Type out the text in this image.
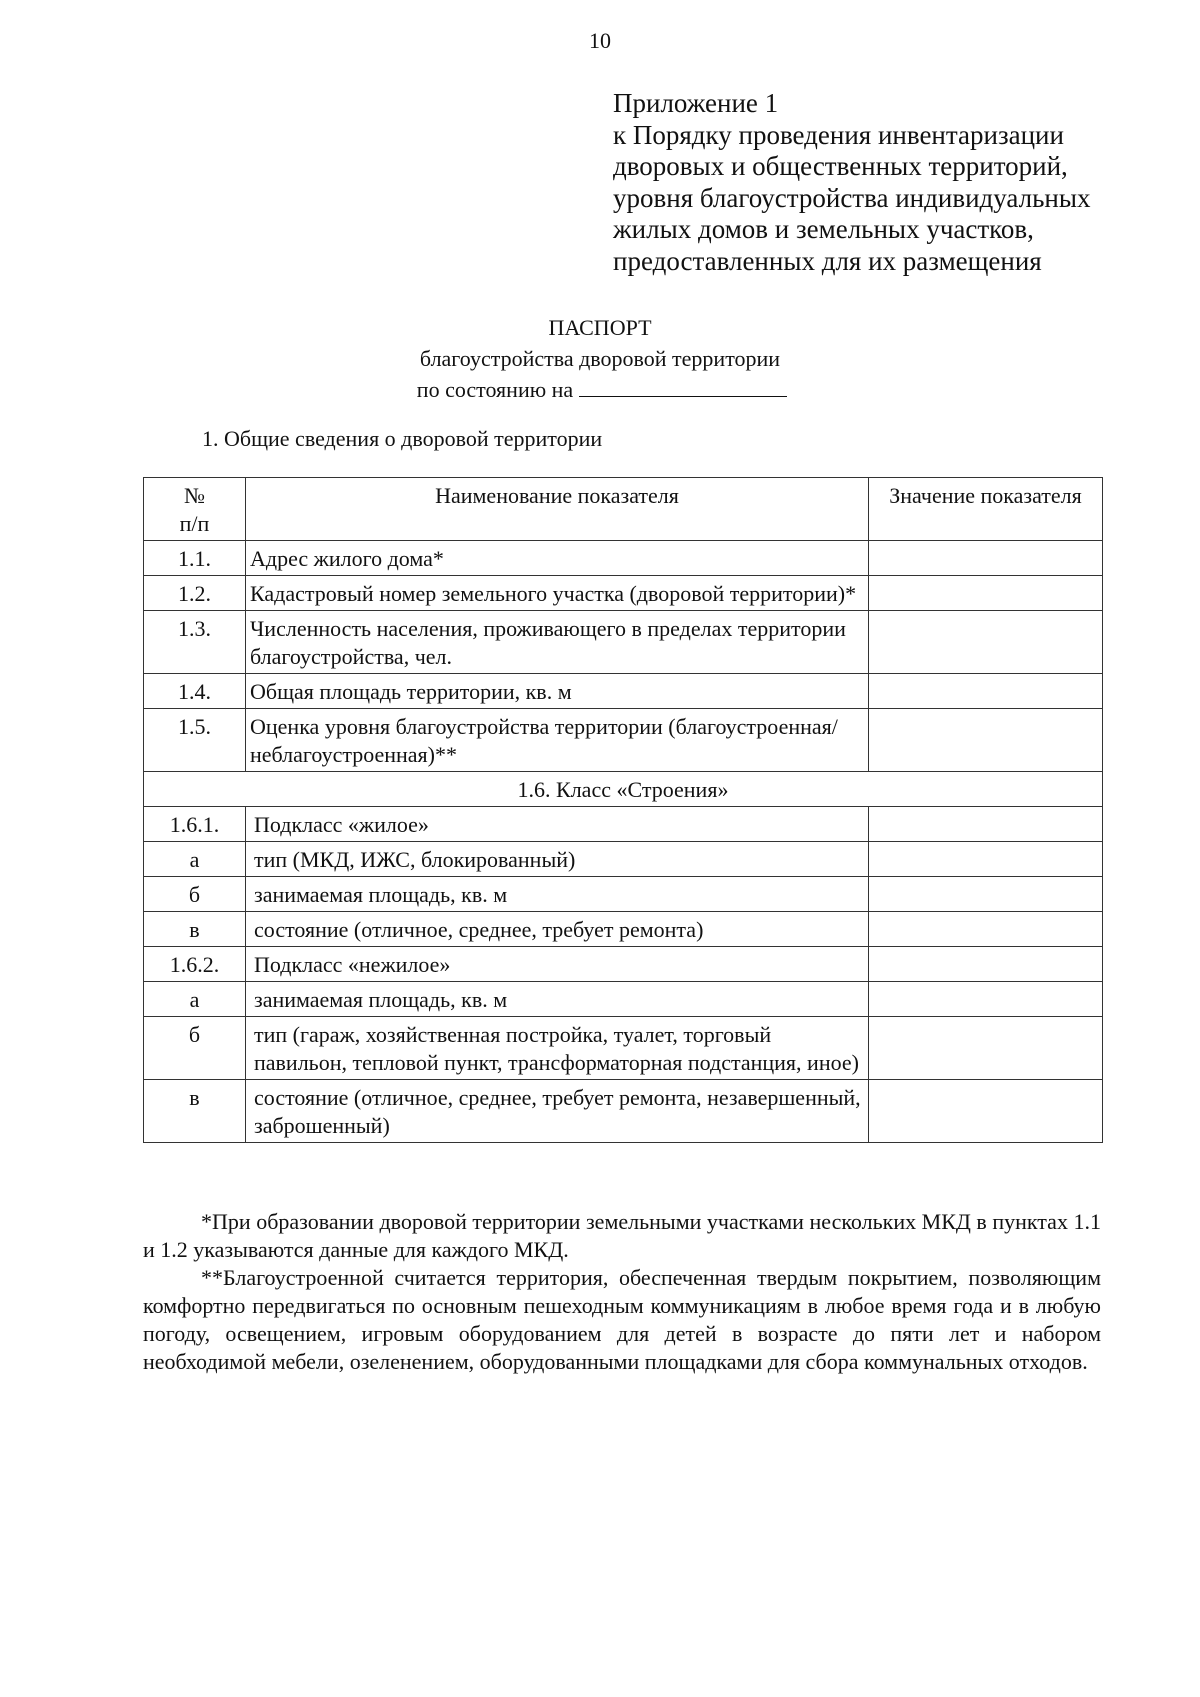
10
Приложение 1
к Порядку проведения инвентаризации
дворовых и общественных территорий,
уровня благоустройства индивидуальных
жилых домов и земельных участков,
предоставленных для их размещения
ПАСПОРТ
благоустройства дворовой территории
по состоянию на
1. Общие сведения о дворовой территории
№
п/п	Наименование показателя	Значение показателя
1.1.	Адрес жилого дома*	
1.2.	Кадастровый номер земельного участка (дворовой территории)*	
1.3.	Численность населения, проживающего в пределах территории благоустройства, чел.	
1.4.	Общая площадь территории, кв. м	
1.5.	Оценка уровня благоустройства территории (благоустроенная/неблагоустроенная)**	
1.6. Класс «Строения»		
1.6.1.	Подкласс «жилое»	
а	тип (МКД, ИЖС, блокированный)	
б	занимаемая площадь, кв. м	
в	состояние (отличное, среднее, требует ремонта)	
1.6.2.	Подкласс «нежилое»	
а	занимаемая площадь, кв. м	
б	тип (гараж, хозяйственная постройка, туалет, торговый павильон, тепловой пункт, трансформаторная подстанция, иное)	
в	состояние (отличное, среднее, требует ремонта, незавершенный, заброшенный)	

*При образовании дворовой территории земельными участками нескольких МКД в пунктах 1.1 и 1.2 указываются данные для каждого МКД.

**Благоустроенной считается территория, обеспеченная твердым покрытием, позволяющим комфортно передвигаться по основным пешеходным коммуникациям в любое время года и в любую погоду, освещением, игровым оборудованием для детей в возрасте до пяти лет и набором необходимой мебели, озеленением, оборудованными площадками для сбора коммунальных отходов.
